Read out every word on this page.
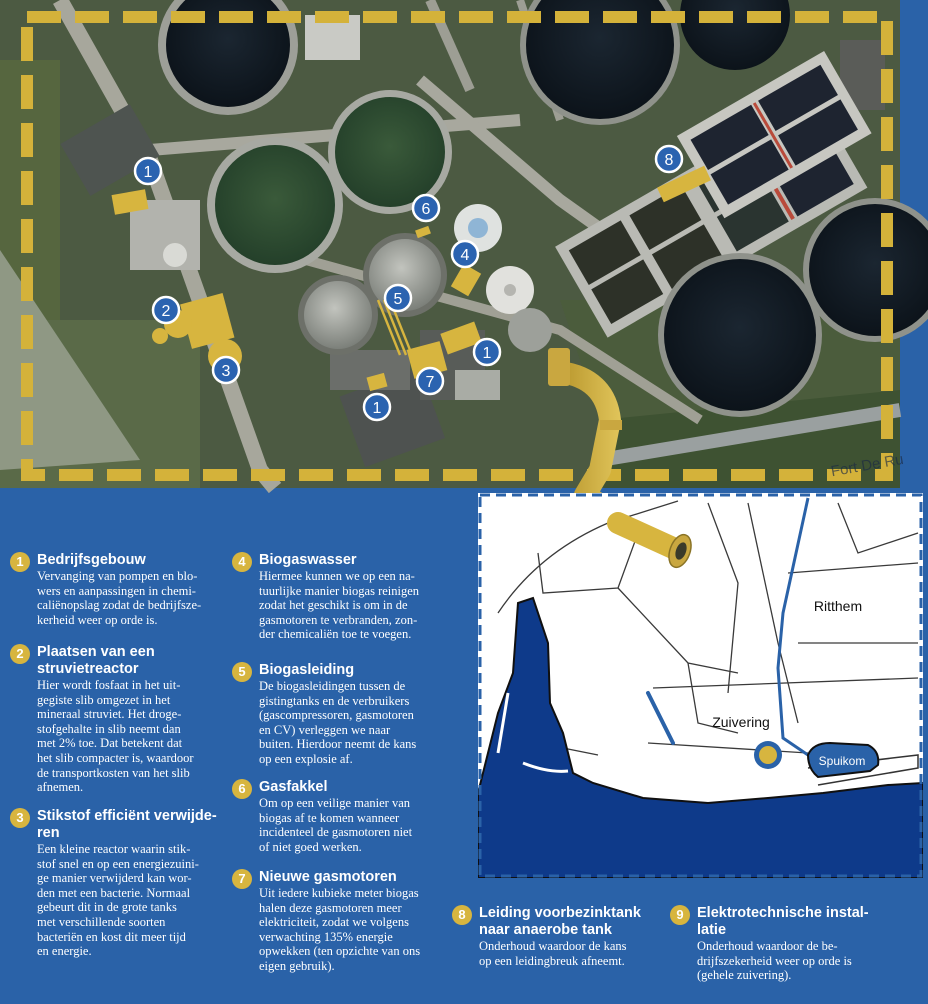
Fort De Ru
1
1
1
2
3
4
5
6
7
8
Ritthem
Zuivering
Spuikom
1 Bedrijfsgebouw
Vervanging van pompen en blo-
wers en aanpassingen in chemi-
caliënopslag zodat de bedrijfsze-
kerheid weer op orde is.
2 Plaatsen van een
struvietreactor
Hier wordt fosfaat in het uit-
gegiste slib omgezet in het
mineraal struviet. Het droge-
stofgehalte in slib neemt dan
met 2% toe. Dat betekent dat
het slib compacter is, waardoor
de transportkosten van het slib
afnemen.
3 Stikstof efficiënt verwijde-
ren
Een kleine reactor waarin stik-
stof snel en op een energiezuini-
ge manier verwijderd kan wor-
den met een bacterie. Normaal
gebeurt dit in de grote tanks
met verschillende soorten
bacteriën en kost dit meer tijd
en energie.
4 Biogaswasser
Hiermee kunnen we op een na-
tuurlijke manier biogas reinigen
zodat het geschikt is om in de
gasmotoren te verbranden, zon-
der chemicaliën toe te voegen.
5 Biogasleiding
De biogasleidingen tussen de
gistingtanks en de verbruikers
(gascompressoren, gasmotoren
en CV) verleggen we naar
buiten. Hierdoor neemt de kans
op een explosie af.
6 Gasfakkel
Om op een veilige manier van
biogas af te komen wanneer
incidenteel de gasmotoren niet
of niet goed werken.
7 Nieuwe gasmotoren
Uit iedere kubieke meter biogas
halen deze gasmotoren meer
elektriciteit, zodat we volgens
verwachting 135% energie
opwekken (ten opzichte van ons
eigen gebruik).
8 Leiding voorbezinktank
naar anaerobe tank
Onderhoud waardoor de kans
op een leidingbreuk afneemt.
9 Elektrotechnische instal-
latie
Onderhoud waardoor de be-
drijfszekerheid weer op orde is
(gehele zuivering).
